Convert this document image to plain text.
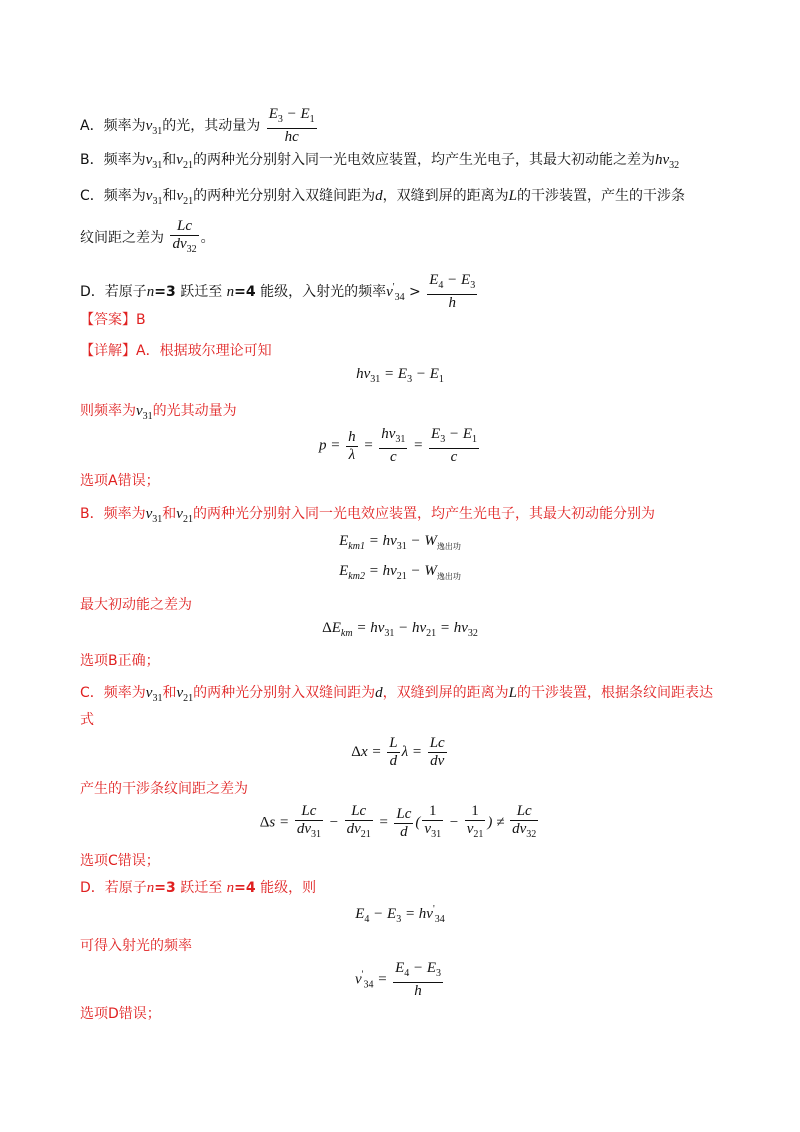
A．频率为$\nu_{31}$的光，其动量为 $\frac{E_3 - E_1}{hc}$
B．频率为$\nu_{31}$和$\nu_{21}$的两种光分别射入同一光电效应装置，均产生光电子，其最大初动能之差为$h\nu_{32}$
C．频率为$\nu_{31}$和$\nu_{21}$的两种光分别射入双缝间距为d，双缝到屏的距离为L的干涉装置，产生的干涉条
纹间距之差为 $\frac{Lc}{d\nu_{32}}$ 。
D．若原子n=3 跃迁至 n=4 能级，入射光的频率$\nu'_{34} > \frac{E_4 - E_3}{h}$
【答案】B
【详解】A．根据玻尔理论可知
$h\nu_{31} = E_3 - E_1$
则频率为$\nu_{31}$的光其动量为
$p = \frac{h}{\lambda} = \frac{h\nu_{31}}{c} = \frac{E_3 - E_1}{c}$
选项A错误；
B．频率为$\nu_{31}$和$\nu_{21}$的两种光分别射入同一光电效应装置，均产生光电子，其最大初动能分别为
$E_{km1} = h\nu_{31} - W_{逸出功}$
$E_{km2} = h\nu_{21} - W_{逸出功}$
最大初动能之差为
$\Delta E_{km} = h\nu_{31} - h\nu_{21} = h\nu_{32}$
选项B正确；
C．频率为$\nu_{31}$和$\nu_{21}$的两种光分别射入双缝间距为d，双缝到屏的距离为L的干涉装置，根据条纹间距表达
式
$\Delta x = \frac{L}{d}$ $\lambda = \frac{Lc}{d\nu}$
产生的干涉条纹间距之差为
$\Delta s = \frac{Lc}{d\nu_{31}} - \frac{Lc}{d\nu_{21}} = \frac{Lc}{d}$ ( $\frac{1}{\nu_{31}} - \frac{1}{\nu_{21}}$ ) ≠ $\frac{Lc}{d\nu_{32}}$
选项C错误；
D．若原子n=3 跃迁至 n=4 能级，则
$E_4 - E_3 = h\nu'_{34}$
可得入射光的频率
$\nu'_{34} = \frac{E_4 - E_3}{h}$
选项D错误；
